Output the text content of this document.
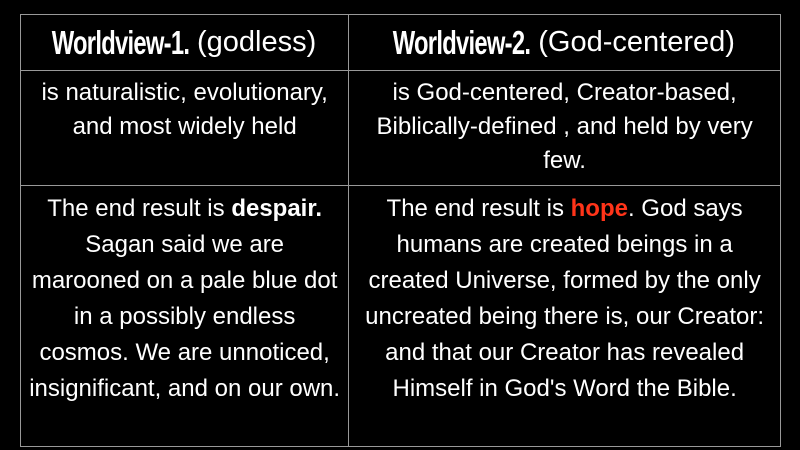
Worldview-1. (godless) Worldview-2. (God-centered)
is naturalistic, evolutionary, and most widely held
is God-centered, Creator-based, Biblically-defined , and held by very few.
The end result is despair. Sagan said we are marooned on a pale blue dot in a possibly endless cosmos. We are unnoticed, insignificant, and on our own.
The end result is hope. God says humans are created beings in a created Universe, formed by the only uncreated being there is, our Creator: and that our Creator has revealed Himself in God's Word the Bible.
